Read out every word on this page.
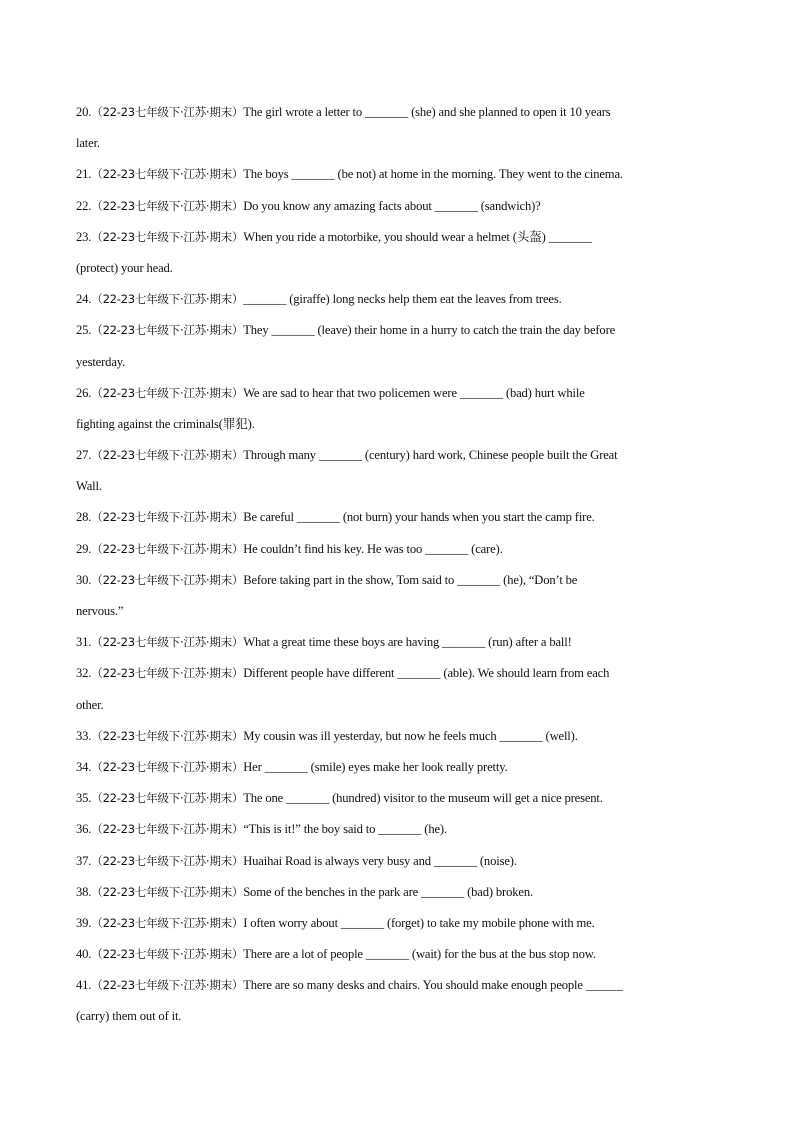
20.（22-23七年级下·江苏·期末）The girl wrote a letter to _______ (she) and she planned to open it 10 years
later.
21.（22-23七年级下·江苏·期末）The boys _______ (be not) at home in the morning. They went to the cinema.
22.（22-23七年级下·江苏·期末）Do you know any amazing facts about _______ (sandwich)?
23.（22-23七年级下·江苏·期末）When you ride a motorbike, you should wear a helmet (头盔) _______
(protect) your head.
24.（22-23七年级下·江苏·期末）_______ (giraffe) long necks help them eat the leaves from trees.
25.（22-23七年级下·江苏·期末）They _______ (leave) their home in a hurry to catch the train the day before
yesterday.
26.（22-23七年级下·江苏·期末）We are sad to hear that two policemen were _______ (bad) hurt while
fighting against the criminals(罪犯).
27.（22-23七年级下·江苏·期末）Through many _______ (century) hard work, Chinese people built the Great
Wall.
28.（22-23七年级下·江苏·期末）Be careful _______ (not burn) your hands when you start the camp fire.
29.（22-23七年级下·江苏·期末）He couldn’t find his key. He was too _______ (care).
30.（22-23七年级下·江苏·期末）Before taking part in the show, Tom said to _______ (he), “Don’t be
nervous.”
31.（22-23七年级下·江苏·期末）What a great time these boys are having _______ (run) after a ball!
32.（22-23七年级下·江苏·期末）Different people have different _______ (able). We should learn from each
other.
33.（22-23七年级下·江苏·期末）My cousin was ill yesterday, but now he feels much _______ (well).
34.（22-23七年级下·江苏·期末）Her _______ (smile) eyes make her look really pretty.
35.（22-23七年级下·江苏·期末）The one _______ (hundred) visitor to the museum will get a nice present.
36.（22-23七年级下·江苏·期末）“This is it!” the boy said to _______ (he).
37.（22-23七年级下·江苏·期末）Huaihai Road is always very busy and _______ (noise).
38.（22-23七年级下·江苏·期末）Some of the benches in the park are _______ (bad) broken.
39.（22-23七年级下·江苏·期末）I often worry about _______ (forget) to take my mobile phone with me.
40.（22-23七年级下·江苏·期末）There are a lot of people _______ (wait) for the bus at the bus stop now.
41.（22-23七年级下·江苏·期末）There are so many desks and chairs. You should make enough people ______
(carry) them out of it.
